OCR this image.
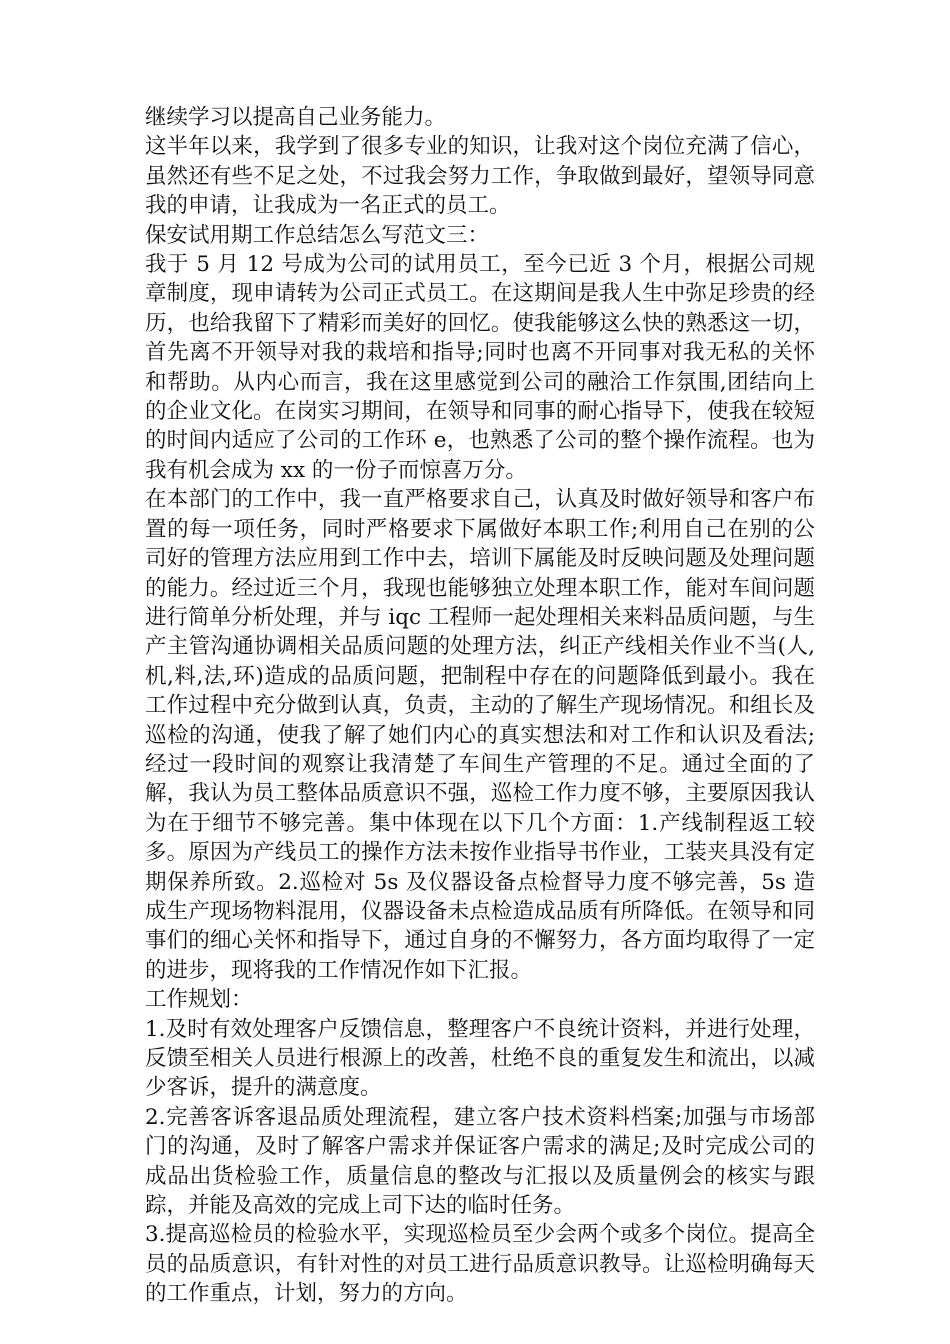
继续学习以提高自己业务能力。

这半年以来，我学到了很多专业的知识，让我对这个岗位充满了信心，虽然还有些不足之处，不过我会努力工作，争取做到最好，望领导同意我的申请，让我成为一名正式的员工。

保安试用期工作总结怎么写范文三：

我于 5 月 12 号成为公司的试用员工，至今已近 3 个月，根据公司规章制度，现申请转为公司正式员工。在这期间是我人生中弥足珍贵的经历，也给我留下了精彩而美好的回忆。使我能够这么快的熟悉这一切，首先离不开领导对我的栽培和指导;同时也离不开同事对我无私的关怀和帮助。从内心而言，我在这里感觉到公司的融洽工作氛围,团结向上的企业文化。在岗实习期间，在领导和同事的耐心指导下，使我在较短的时间内适应了公司的工作环 e，也熟悉了公司的整个操作流程。也为我有机会成为 xx 的一份子而惊喜万分。

在本部门的工作中，我一直严格要求自己，认真及时做好领导和客户布置的每一项任务，同时严格要求下属做好本职工作;利用自己在别的公司好的管理方法应用到工作中去，培训下属能及时反映问题及处理问题的能力。经过近三个月，我现也能够独立处理本职工作，能对车间问题进行简单分析处理，并与 iqc 工程师一起处理相关来料品质问题，与生产主管沟通协调相关品质问题的处理方法，纠正产线相关作业不当(人,机,料,法,环)造成的品质问题，把制程中存在的问题降低到最小。我在工作过程中充分做到认真，负责，主动的了解生产现场情况。和组长及巡检的沟通，使我了解了她们内心的真实想法和对工作和认识及看法;经过一段时间的观察让我清楚了车间生产管理的不足。通过全面的了解，我认为员工整体品质意识不强，巡检工作力度不够，主要原因我认为在于细节不够完善。集中体现在以下几个方面：1.产线制程返工较多。原因为产线员工的操作方法未按作业指导书作业，工装夹具没有定期保养所致。2.巡检对 5s 及仪器设备点检督导力度不够完善，5s 造成生产现场物料混用，仪器设备未点检造成品质有所降低。在领导和同事们的细心关怀和指导下，通过自身的不懈努力，各方面均取得了一定的进步，现将我的工作情况作如下汇报。

工作规划：

1.及时有效处理客户反馈信息，整理客户不良统计资料，并进行处理，反馈至相关人员进行根源上的改善，杜绝不良的重复发生和流出，以减少客诉，提升的满意度。

2.完善客诉客退品质处理流程，建立客户技术资料档案;加强与市场部门的沟通，及时了解客户需求并保证客户需求的满足;及时完成公司的成品出货检验工作，质量信息的整改与汇报以及质量例会的核实与跟踪，并能及高效的完成上司下达的临时任务。

3.提高巡检员的检验水平，实现巡检员至少会两个或多个岗位。提高全员的品质意识，有针对性的对员工进行品质意识教导。让巡检明确每天的工作重点，计划，努力的方向。
